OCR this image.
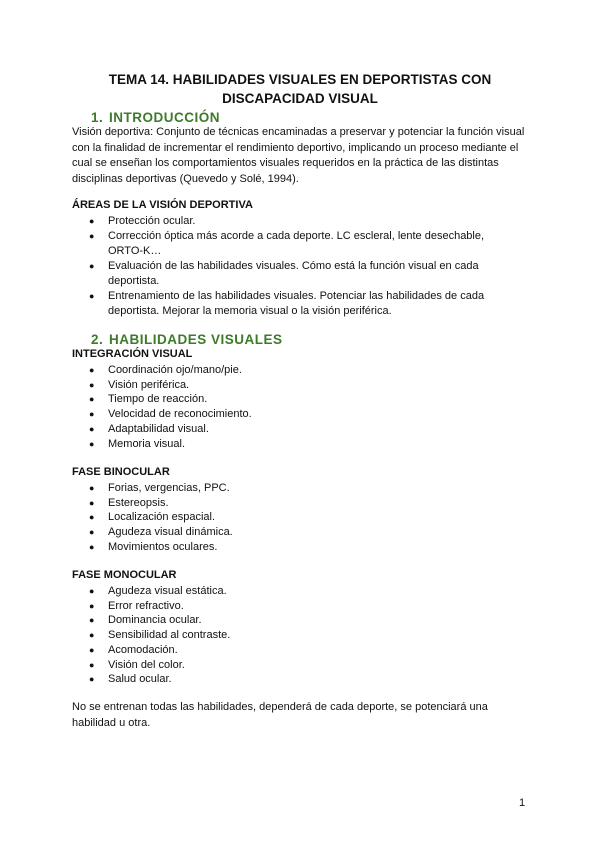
TEMA 14. HABILIDADES VISUALES EN DEPORTISTAS CON DISCAPACIDAD VISUAL
1. INTRODUCCIÓN
Visión deportiva: Conjunto de técnicas encaminadas a preservar y potenciar la función visual con la finalidad de incrementar el rendimiento deportivo, implicando un proceso mediante el cual se enseñan los comportamientos visuales requeridos en la práctica de las distintas disciplinas deportivas (Quevedo y Solé, 1994).
ÁREAS DE LA VISIÓN DEPORTIVA
● Protección ocular.
● Corrección óptica más acorde a cada deporte. LC escleral, lente desechable, ORTO-K…
● Evaluación de las habilidades visuales. Cómo está la función visual en cada deportista.
● Entrenamiento de las habilidades visuales. Potenciar las habilidades de cada deportista. Mejorar la memoria visual o la visión periférica.
2. HABILIDADES VISUALES
INTEGRACIÓN VISUAL
● Coordinación ojo/mano/pie.
● Visión periférica.
● Tiempo de reacción.
● Velocidad de reconocimiento.
● Adaptabilidad visual.
● Memoria visual.
FASE BINOCULAR
● Forias, vergencias, PPC.
● Estereopsis.
● Localización espacial.
● Agudeza visual dinámica.
● Movimientos oculares.
FASE MONOCULAR
● Agudeza visual estática.
● Error refractivo.
● Dominancia ocular.
● Sensibilidad al contraste.
● Acomodación.
● Visión del color.
● Salud ocular.
No se entrenan todas las habilidades, dependerá de cada deporte, se potenciará una habilidad u otra.
1
